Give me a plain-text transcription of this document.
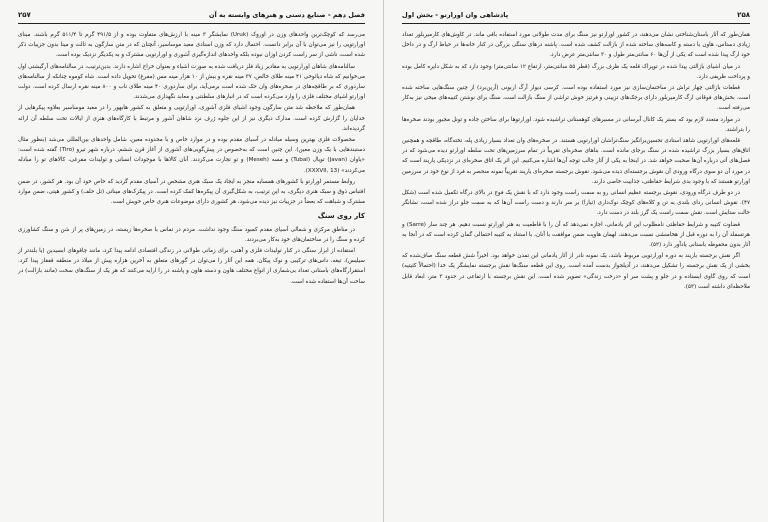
فصل دهم - صنایع دستی و هنرهای وابسته به آن
۲۵۷

می‌رسد که کوچک‌ترین واحدهای وزن در اوروک (Uruk) نمایشگر ۳ مینه با ارزش‌های متفاوت بوده و از ۴۹۱/۵ گرم تا ۵۱۱/۴ گرم باشند. مینای اورارتویی را نیز می‌توان با آن برابر دانست. احتمال دارد که وزن اسنادی معید موساسیر، آنچنان که در متن سارگون به ثالث و مینا بدون جزییات ذکر شده است، ناشی از سر راست کردن اوزان نبوده بلکه واحدهای اندازه‌گیری آشوری و اورارتویی مشترک و به یکدیگر نزدیک بوده است.

سالنامه‌های شاهان اورارتویی به مقادیر زیاد فلز دریافت شده به صورت اشیاء و بعنوان خراج اشاره دارند. بدین‌ترتیب، در سالنامه‌های آرگیشتی اول می‌خوانیم که شاه دیائوخی ۴۱ مینه طلای خالص، ۳۷ مینه نقره و بیش از ۱۰ هزار مینه مس (مفرغ) تحویل داده است. شاه کوموه چنانکه از سالنامه‌های ساردوری که بر طاقچه‌های در صخره‌های وان حک شده است برمی‌آید، برای ساردوری ۴۰ مینه طلای ناب و ۸۰۰ مینه نقره ارسال کرده است. دولت اورارتو اشیای مختلف فلزی را وارد می‌کرده است که در انبارهای سلطنتی و معابد نگهداری می‌شدند.

همان‌طور که ملاحظه شد متن سارگون وجود اشیای فلزی آشوری، اورارتویی و متعلق به کشور هابهور را در معبد موساسیر بعلاوه پیکرهایی از خدایان را گزارش کرده است. مدارک دیگری نیز از این جلوه ژرف نزد شاهان آشور و مرتبط با کارگاه‌های هنری از ایالات تحت سلطه آن ارائه گردیده‌اند.

محصولات فلزی بهترین وسیله مبادله در آسیای مقدم بوده و در موارد خاص و با محدوده معین، شامل واحدهای بین‌المللی می‌شد (بنظور مثال دستبندهایی با یک وزن معین). این چنین است که به‌خصوص در پیش‌گویی‌های آشوری از آغاز قرن ششم، درباره شهر تیرو (Tiro) گفته شده است: «یاوان (Javan) تویال (Tubal) و مسه (Meseh) و تو تجارت می‌کردند. آنان کالاها با موجودات انسانی و تولیدات مفرغی، کالاهای تو را مبادله می‌کردند» (XXXVII, 13).

روابط مستمر اورارتو با کشورهای همسایه منجر به ایجاد یک سبک هنری مشخص در آسیای مقدم گردید که خاص خود آن بود. هر کشور، در ضمن اقتباس ذوق و سبک هنری دیگری، به این ترتیب، به شکل‌گیری آن پیکره‌ها کمک کرده است. در پیکرک‌های میناتی (تل حلف) و کشور هیتی، ضمن موارد مشترک و شباهت که بعضاً در جزییات نیز دیده می‌شود، هر کشوری دارای موضوعات هنری خاص خویش است.

کار روی سنگ

در مناطق مرکزی و شمالی آسیای مقدم کمبود سنگ وجود نداشت. مردم در تماس با صخره‌ها زیسته، در زمین‌های پر از شن و سنگ کشاورزی کرده و سنگ را در ساختمان‌های خود به‌کار می‌بردند.

استفاده از ابزار سنگی در کنار تولیدات فلزی و آهنی، برای زمانی طولانی در زندگی اقتصادی ادامه پیدا کرد، مانند چاقوهای ابسیدین (یا بلندتر از سیلیس)، تیغه، داس‌های ترکیبی و نوک پیکان. همه این آثار را می‌توان در گورهای متعلق به آخرین هزاره پیش از میلاد در منطقه قفقاز پیدا کرد. استقرارگاه‌های باستانی تعداد بی‌شماری از انواع مختلف هاون و دسته هاون و پاشنه در را ارایه می‌کنند که هر یک از سنگ‌های سخت (مانند بازالت) در ساخت آن‌ها استفاده شده است.

۲۵۸
پادشاهی وان اورارتو - بخش اول

همان‌طور که آثار باستان‌شناختی نشان می‌دهند، در کشور اورارتو نیز سنگ برای مدت طولانی مورد استفاده باقی ماند. در کاوش‌های کارمیربلور تعداد زیادی دستاس، هاون با دسته و کاسه‌های ساخته شده از بازالت کشف شده است. پاشنه درهای سنگی بزرگی در کنار خانه‌ها در حیاط ارگ و در داخل خود ارگ پیدا شده است که یکی از آن‌ها ۶۰ سانتی‌متر طول و ۳۰ سانتی‌متر عرض دارد.

در میان اشیای بازالتی پیدا شده در توپراک قلعه یک ظرف بزرگ (قطر ۵۵ سانتی‌متر، ارتفاع ۱۲ سانتی‌متر) وجود دارد که به شکل دایره کامل بوده و پرداخت ظریفی دارد.

قطعات بازالتی چهار تراش در ساختمان‌سازی نیز مورد استفاده بوده است. کرسی دیوار آرگ اربونی (آرین‌برد) از چنین سنگ‌هایی ساخته شده است. بخش‌های فوقانی ارگ کارمیربلور دارای برجک‌های تزیینی و فرتیز خوش تراشی از سنگ بازالت است. سنگ برای نوشتن کتیبه‌های میخی نیز به‌کار می‌رفته است.

در موارد متعدد لازم بود که بستر یک کانال آبرسانی در مسیرهای کوهستانی تراشیده شود. اورارتوها برای ساختن جاده و تونل مجبور بودند صخره‌ها را بتراشند.

قلعه‌های اورارتویی شاهد استادی تحسین‌برانگیز سنگ‌تراشان اورارتویی هستند. در صخره‌های وان تعداد بسیار زیادی پله، تخته‌گاه، طاقچه و همچنین اتاق‌های بسیار بزرگ تراشیده شده در سنگ برجای مانده است. بناهای صخره‌ای تقریباً در تمام سرزمین‌های تحت سلطه اورارتو دیده می‌شود که در فصل‌های آتی درباره آن‌ها صحبت خواهد شد. در اینجا به یکی از آثار جالب توجه آن‌ها اشاره می‌کنیم. این اثر یک اتاق صخره‌ای در نزدیکی یاریند است که در مورد آن دو سوی درگاه ورودی آن نقوش برجسته‌ای دیده می‌شود. نقوش برجسته صخره‌ای یاریند تقریباً نمونه منحصر به فرد از نوع خود در سرزمین اورارتو هستند که با وجود بدی شرایط حفاظتی، جذابیت خاصی دارند.

در دو طرف درگاه ورودی، نقوش برجسته عظیم انسانی رو به سمت راست وجود دارد که با نقش یک فوج در بالای درگاه تکمیل شده است (شکل ۴۷). نقوش انسانی ردای بلندی به تن و کلاه‌های کوچک نوک‌داری (تیارا) بر سر دارند و دست راست آن‌ها که به سمت جلو دراز شده است، نشانگر حالت ستایش است. نقش سمت راست یک گرز بلند در دست دارد.

قضاوت کتیبه و شرایط حفاظتی نامطلوب این اثر یادمانی، اجازه نمی‌دهد که آن را با قاطعیت به هنر اورارتو نسبت دهیم. هر چند سار (Sarre) و هرتسفلد آن را به دوره قبل از هخامنشی نسبت می‌دهند، لهمان هاوپت ضمن موافقت با آنان، با استناد به کتیبه احتمالی گمان کرده است که در آنجا به آثار بدون محفوظه باستانی یادآور دارد (۵۲).

اگر نقش برجسته یاریند به دوره اورارتویی مربوط باشد، یک نمونه نادر از آثار یادمانی این تمدن خواهد بود. اخیراً شش قطعه سنگ صاف‌شده که بخشی از یک نقش برجسته را تشکیل می‌دهند، در آدیلجواز بدست آمده است. روی این قطعه سنگ‌ها نقش برجسته نمایشگر یک خدا (احتمالاً کثیتیه) است که روی گاوی ایستاده و در جلو و پشت سر او «درخت زندگی» تصویر شده است. این نقش برجسته با ارتفاعی در حدود ۳ متر، ابعاد قابل ملاحظه‌ای داشته است (۵۳).
